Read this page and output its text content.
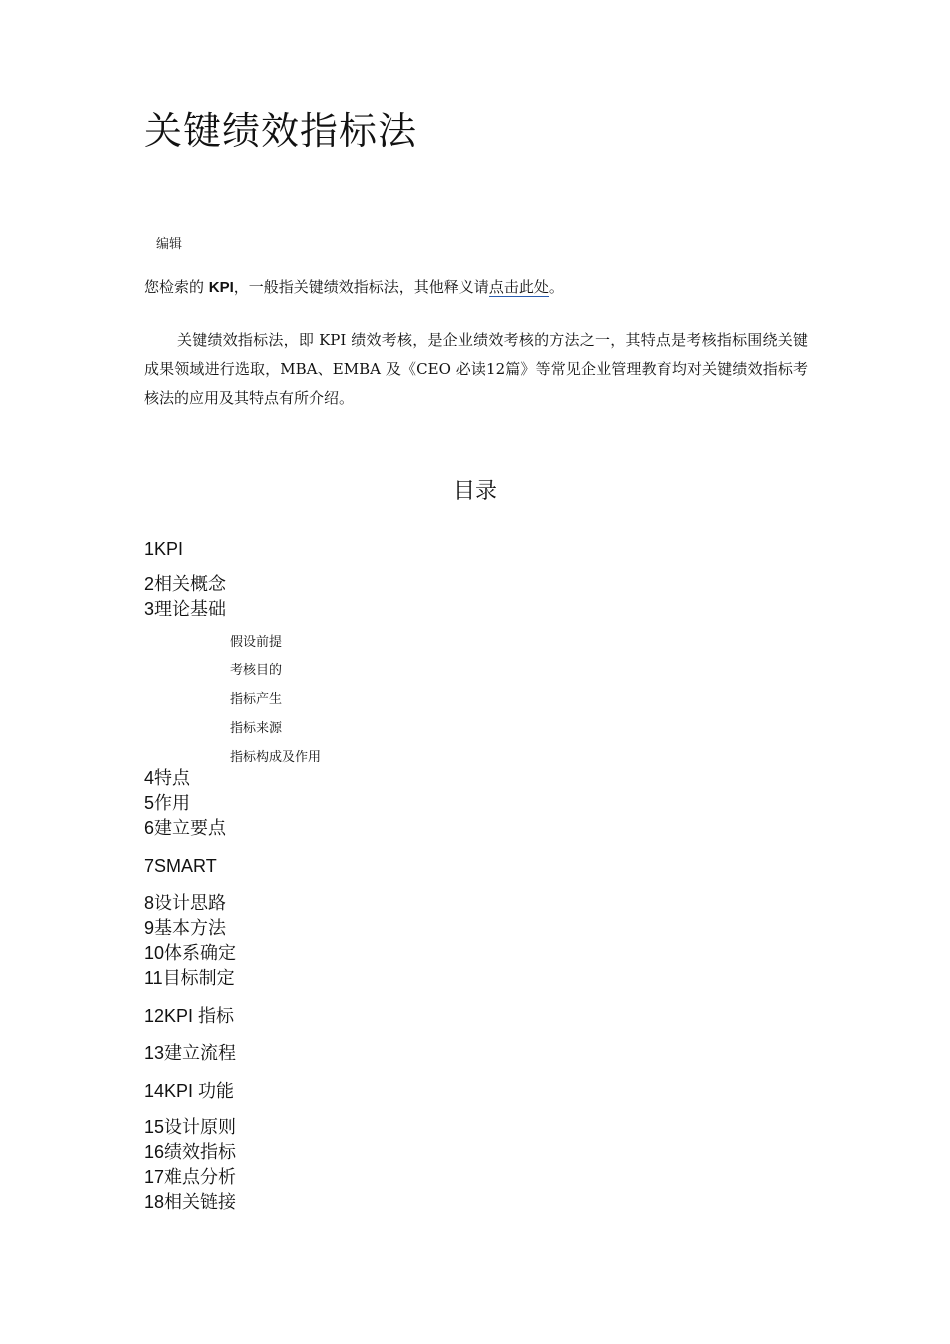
关键绩效指标法
编辑
您检索的 KPI，一般指关键绩效指标法，其他释义请点击此处。

关键绩效指标法，即 KPI 绩效考核，是企业绩效考核的方法之一，其特点是考核指标围绕关键成果领域进行选取，MBA、EMBA 及《CEO 必读12篇》等常见企业管理教育均对关键绩效指标考核法的应用及其特点有所介绍。

目录
1KPI
2相关概念
3理论基础
假设前提
考核目的
指标产生
指标来源
指标构成及作用
4特点
5作用
6建立要点
7SMART
8设计思路
9基本方法
10体系确定
11目标制定
12KPI 指标
13建立流程
14KPI 功能
15设计原则
16绩效指标
17难点分析
18相关链接
